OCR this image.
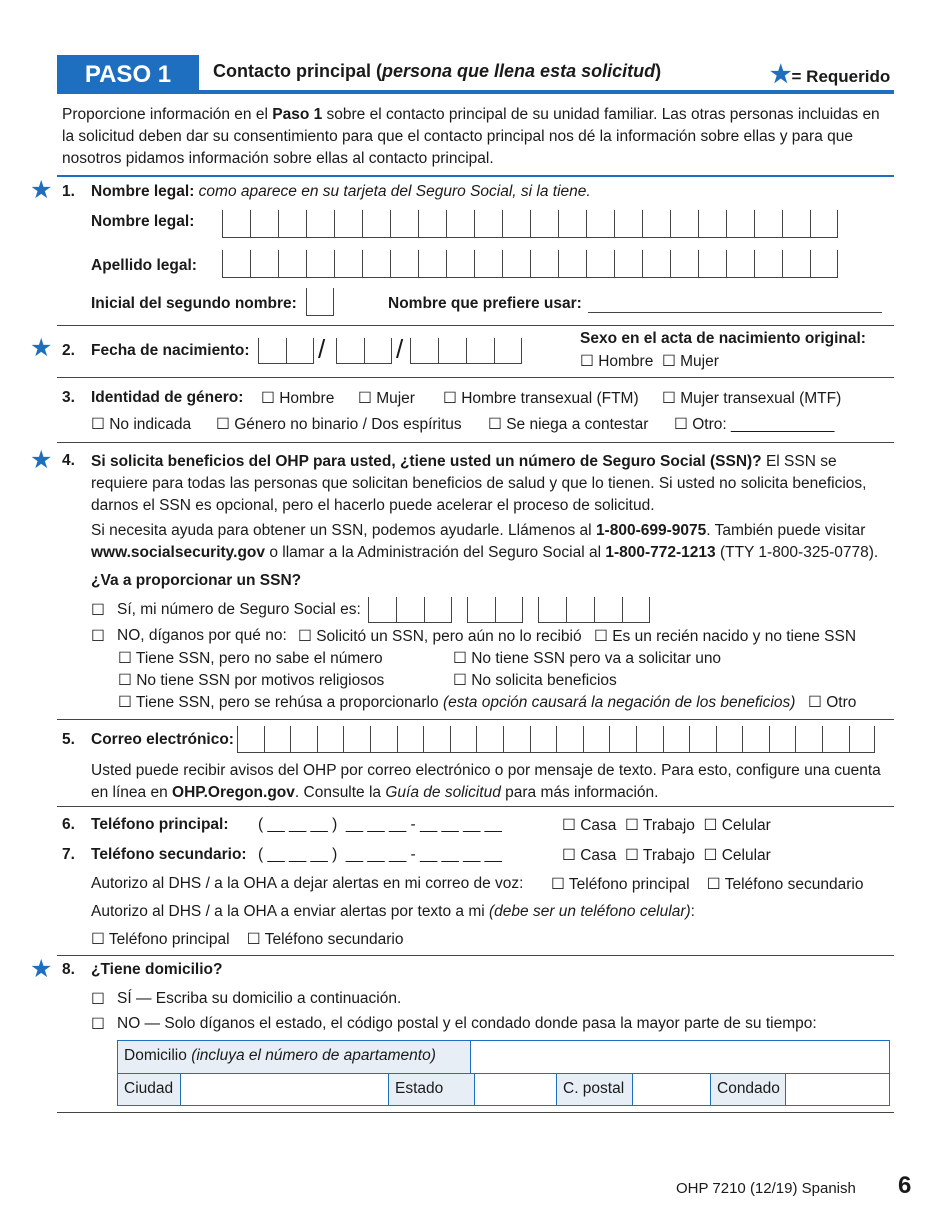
PASO 1	Contacto principal (persona que llena esta solicitud)	★= Requerido
Proporcione información en el Paso 1 sobre el contacto principal de su unidad familiar. Las otras personas incluidas en la solicitud deben dar su consentimiento para que el contacto principal nos dé la información sobre ellas y para que nosotros pidamos información sobre ellas al contacto principal.
★ 1. Nombre legal: como aparece en su tarjeta del Seguro Social, si la tiene.
Nombre legal:
Apellido legal:
Inicial del segundo nombre:	Nombre que prefiere usar:
★ 2. Fecha de nacimiento:	/	/	Sexo en el acta de nacimiento original:
☐ Hombre  ☐ Mujer
3. Identidad de género: ☐ Hombre ☐ Mujer ☐ Hombre transexual (FTM) ☐ Mujer transexual (MTF)
☐ No indicada ☐ Género no binario / Dos espíritus ☐ Se niega a contestar ☐ Otro: ____________
★ 4. Si solicita beneficios del OHP para usted, ¿tiene usted un número de Seguro Social (SSN)? El SSN se requiere para todas las personas que solicitan beneficios de salud y que lo tienen. Si usted no solicita beneficios, darnos el SSN es opcional, pero el hacerlo puede acelerar el proceso de solicitud.
Si necesita ayuda para obtener un SSN, podemos ayudarle. Llámenos al 1-800-699-9075. También puede visitar www.socialsecurity.gov o llamar a la Administración del Seguro Social al 1-800-772-1213 (TTY 1-800-325-0778).
¿Va a proporcionar un SSN?
☐ Sí, mi número de Seguro Social es:
☐ NO, díganos por qué no: ☐ Solicitó un SSN, pero aún no lo recibió ☐ Es un recién nacido y no tiene SSN
☐ Tiene SSN, pero no sabe el número	☐ No tiene SSN pero va a solicitar uno
☐ No tiene SSN por motivos religiosos	☐ No solicita beneficios
☐ Tiene SSN, pero se rehúsa a proporcionarlo (esta opción causará la negación de los beneficios) ☐ Otro
5. Correo electrónico:
Usted puede recibir avisos del OHP por correo electrónico o por mensaje de texto. Para esto, configure una cuenta en línea en OHP.Oregon.gov. Consulte la Guía de solicitud para más información.
6. Teléfono principal: ( __ __ __ )  __ __ __ - __ __ __ __	☐ Casa  ☐ Trabajo  ☐ Celular
7. Teléfono secundario: ( __ __ __ )  __ __ __ - __ __ __ __	☐ Casa  ☐ Trabajo  ☐ Celular
Autorizo al DHS / a la OHA a dejar alertas en mi correo de voz: ☐ Teléfono principal    ☐ Teléfono secundario
Autorizo al DHS / a la OHA a enviar alertas por texto a mi (debe ser un teléfono celular):
☐ Teléfono principal    ☐ Teléfono secundario
★ 8. ¿Tiene domicilio?
☐ SÍ — Escriba su domicilio a continuación.
☐ NO — Solo díganos el estado, el código postal y el condado donde pasa la mayor parte de su tiempo:
Domicilio (incluya el número de apartamento)
Ciudad	Estado	C. postal	Condado
OHP 7210 (12/19) Spanish 6
